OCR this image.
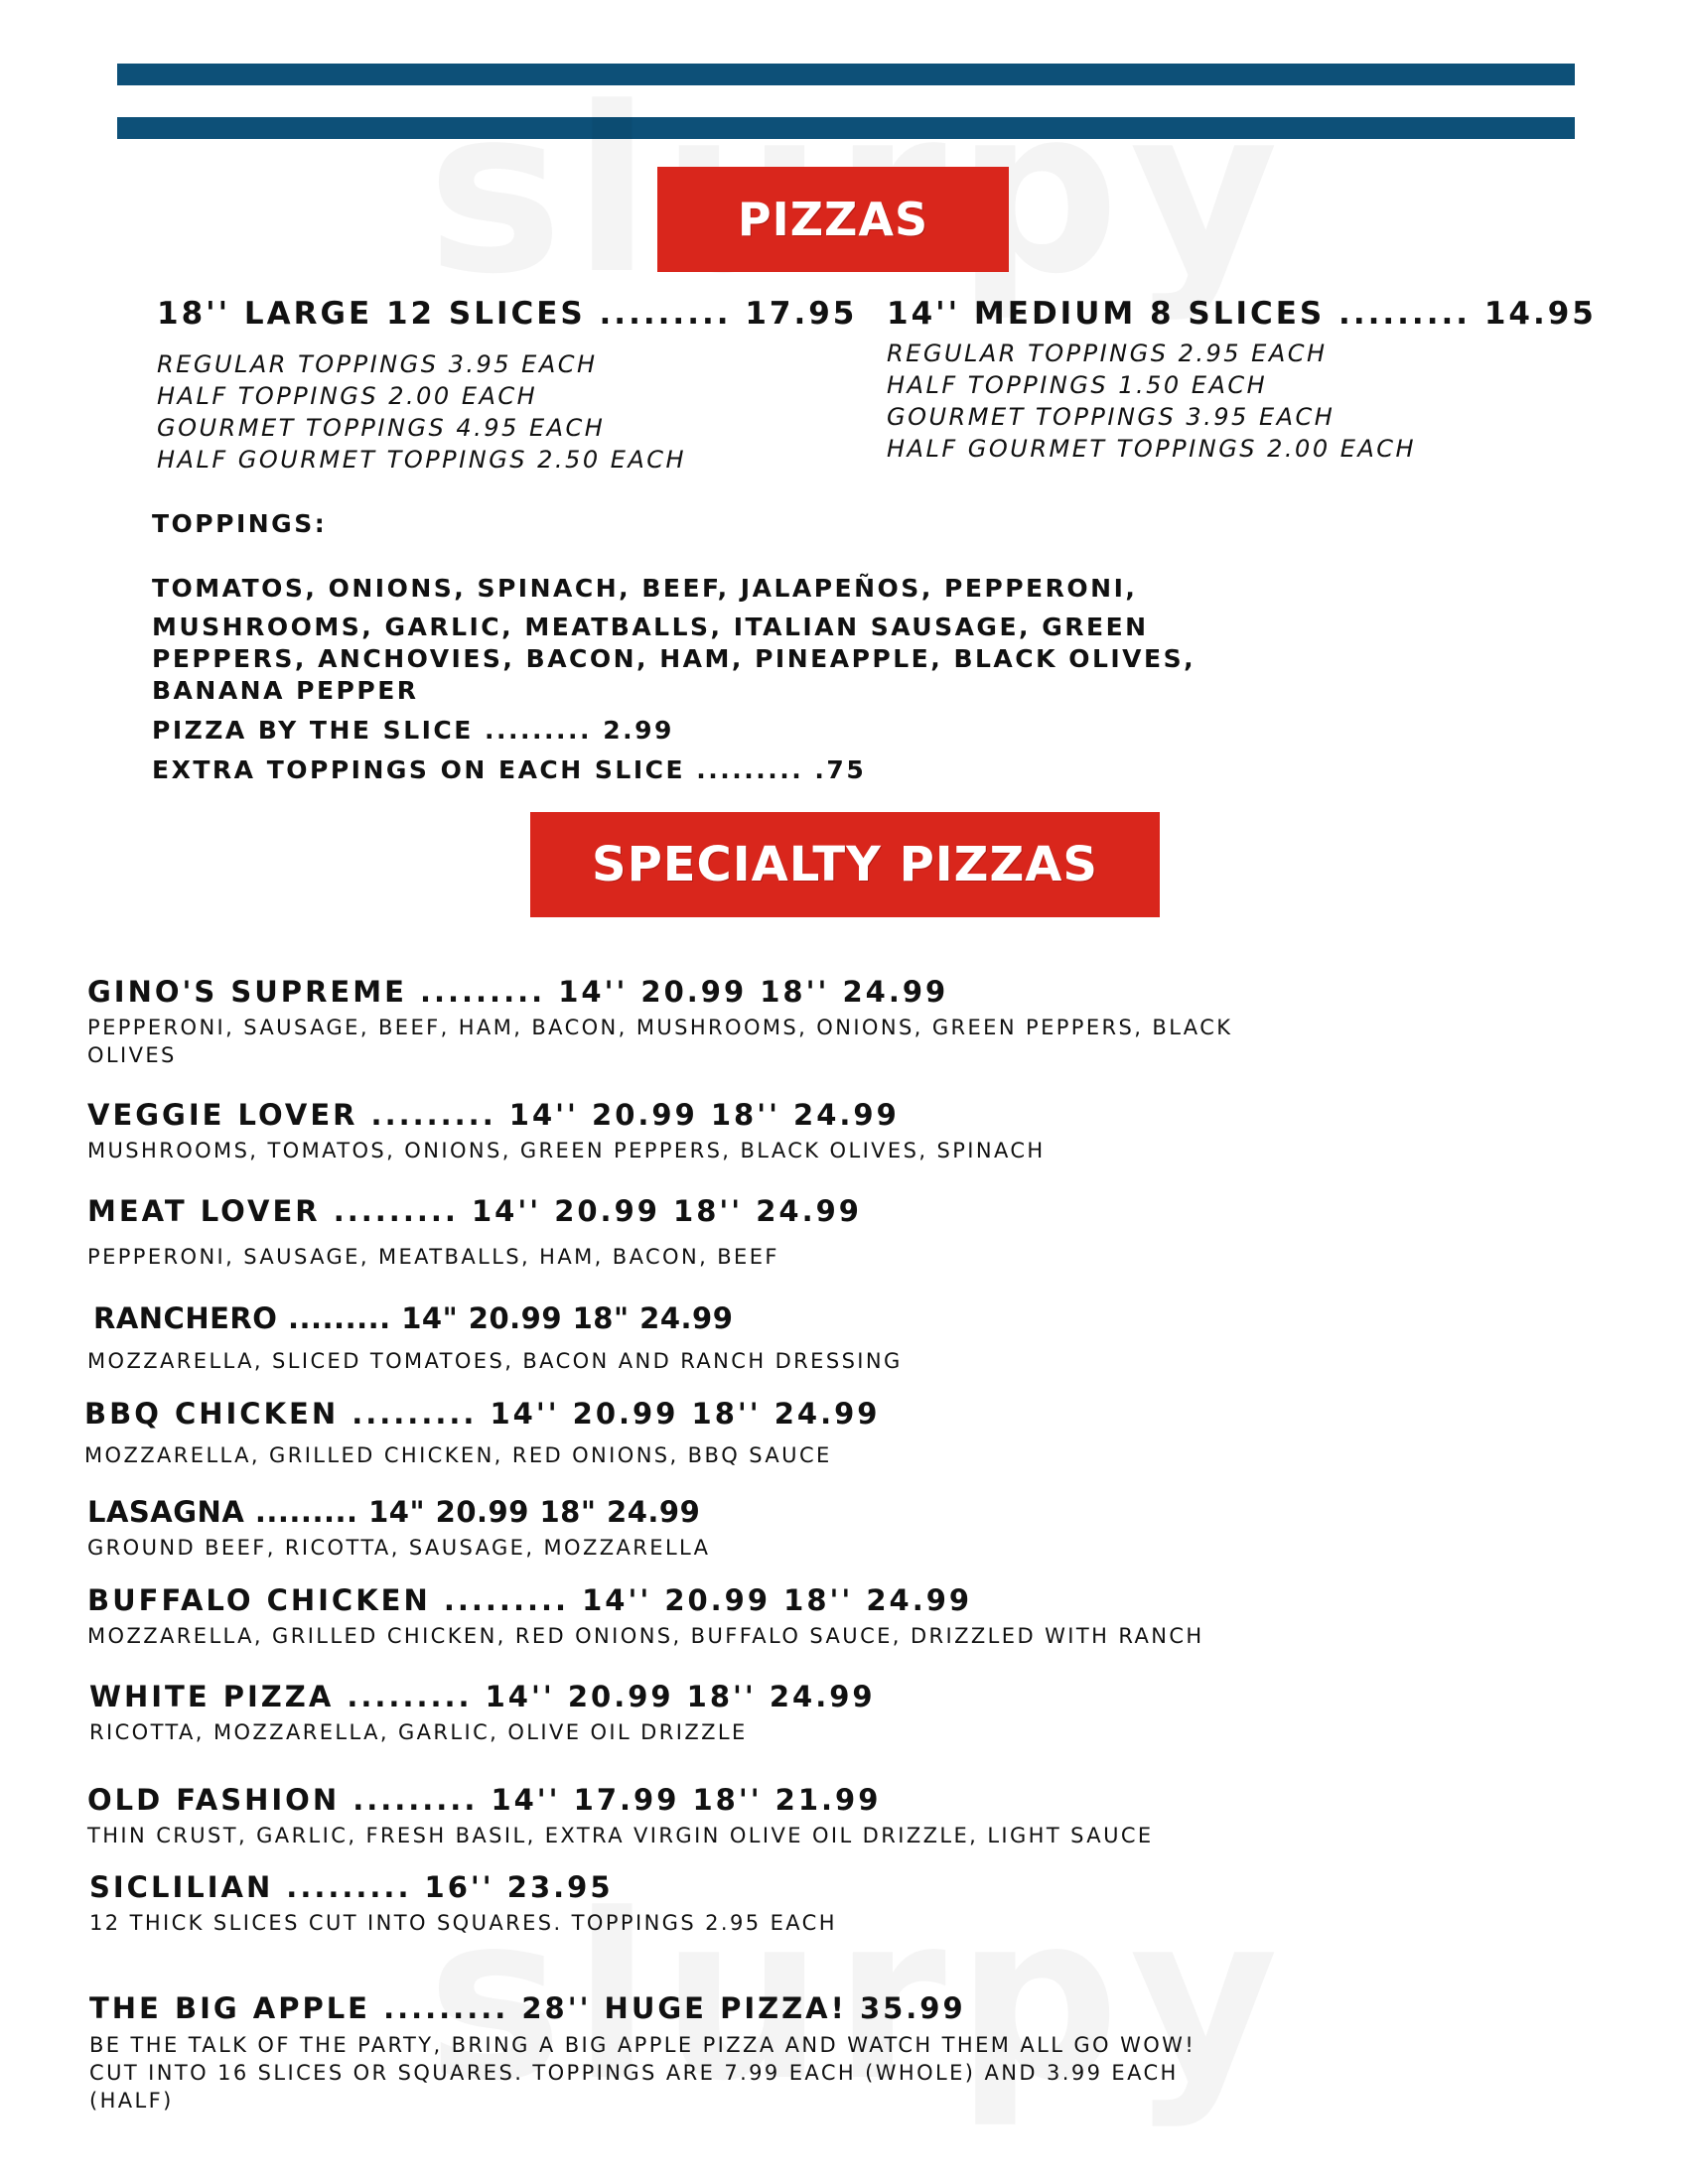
PIZZAS
18'' LARGE 12 SLICES ......... 17.95
REGULAR TOPPINGS 3.95 EACH
HALF TOPPINGS 2.00 EACH
GOURMET TOPPINGS 4.95 EACH
HALF GOURMET TOPPINGS 2.50 EACH
14'' MEDIUM 8 SLICES ......... 14.95
REGULAR TOPPINGS 2.95 EACH
HALF TOPPINGS 1.50 EACH
GOURMET TOPPINGS 3.95 EACH
HALF GOURMET TOPPINGS 2.00 EACH
TOPPINGS:
TOMATOS, ONIONS, SPINACH, BEEF, JALAPEÑOS, PEPPERONI,
MUSHROOMS, GARLIC, MEATBALLS, ITALIAN SAUSAGE, GREEN
PEPPERS, ANCHOVIES, BACON, HAM, PINEAPPLE, BLACK OLIVES,
BANANA PEPPER
PIZZA BY THE SLICE ......... 2.99
EXTRA TOPPINGS ON EACH SLICE ......... .75
SPECIALTY PIZZAS
GINO'S SUPREME ......... 14'' 20.99 18'' 24.99
PEPPERONI, SAUSAGE, BEEF, HAM, BACON, MUSHROOMS, ONIONS, GREEN PEPPERS, BLACK
OLIVES
VEGGIE LOVER ......... 14'' 20.99 18'' 24.99
MUSHROOMS, TOMATOS, ONIONS, GREEN PEPPERS, BLACK OLIVES, SPINACH
MEAT LOVER ......... 14'' 20.99 18'' 24.99
PEPPERONI, SAUSAGE, MEATBALLS, HAM, BACON, BEEF
RANCHERO ......... 14" 20.99 18" 24.99
MOZZARELLA, SLICED TOMATOES, BACON AND RANCH DRESSING
BBQ CHICKEN ......... 14'' 20.99 18'' 24.99
MOZZARELLA, GRILLED CHICKEN, RED ONIONS, BBQ SAUCE
LASAGNA ......... 14" 20.99 18" 24.99
GROUND BEEF, RICOTTA, SAUSAGE, MOZZARELLA
BUFFALO CHICKEN ......... 14'' 20.99 18'' 24.99
MOZZARELLA, GRILLED CHICKEN, RED ONIONS, BUFFALO SAUCE, DRIZZLED WITH RANCH
WHITE PIZZA ......... 14'' 20.99 18'' 24.99
RICOTTA, MOZZARELLA, GARLIC, OLIVE OIL DRIZZLE
OLD FASHION ......... 14'' 17.99 18'' 21.99
THIN CRUST, GARLIC, FRESH BASIL, EXTRA VIRGIN OLIVE OIL DRIZZLE, LIGHT SAUCE
SICLILIAN ......... 16'' 23.95
12 THICK SLICES CUT INTO SQUARES. TOPPINGS 2.95 EACH
THE BIG APPLE ......... 28'' HUGE PIZZA! 35.99
BE THE TALK OF THE PARTY, BRING A BIG APPLE PIZZA AND WATCH THEM ALL GO WOW!
CUT INTO 16 SLICES OR SQUARES. TOPPINGS ARE 7.99 EACH (WHOLE) AND 3.99 EACH
(HALF)
